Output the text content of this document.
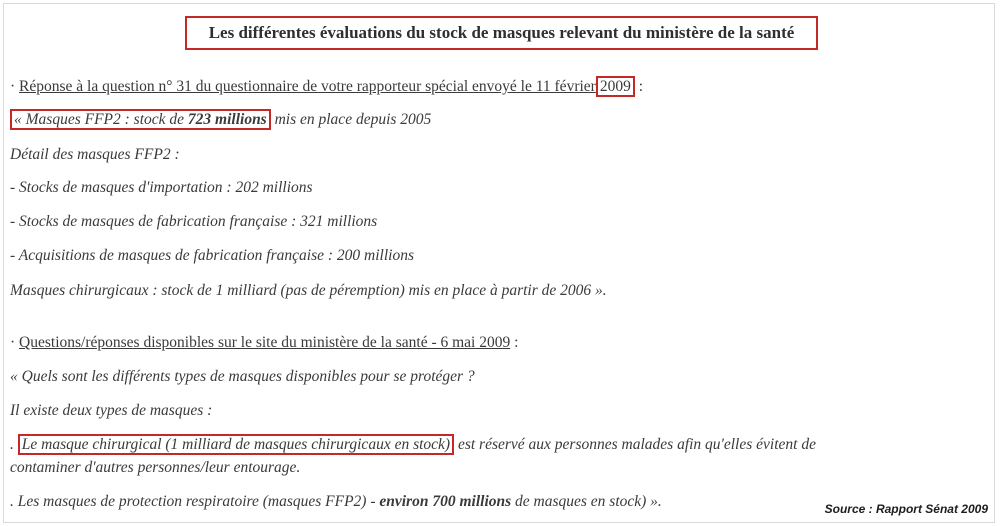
Les différentes évaluations du stock de masques relevant du ministère de la santé
· Réponse à la question n° 31 du questionnaire de votre rapporteur spécial envoyé le 11 février 2009 :
« Masques FFP2 : stock de 723 millions mis en place depuis 2005
Détail des masques FFP2 :
- Stocks de masques d'importation : 202 millions
- Stocks de masques de fabrication française : 321 millions
- Acquisitions de masques de fabrication française : 200 millions
Masques chirurgicaux : stock de 1 milliard (pas de péremption) mis en place à partir de 2006 ».
· Questions/réponses disponibles sur le site du ministère de la santé - 6 mai 2009 :
« Quels sont les différents types de masques disponibles pour se protéger ?
Il existe deux types de masques :
. Le masque chirurgical (1 milliard de masques chirurgicaux en stock) est réservé aux personnes malades afin qu'elles évitent de
contaminer d'autres personnes/leur entourage.
. Les masques de protection respiratoire (masques FFP2) - environ 700 millions de masques en stock) ».	Source : Rapport Sénat 2009
